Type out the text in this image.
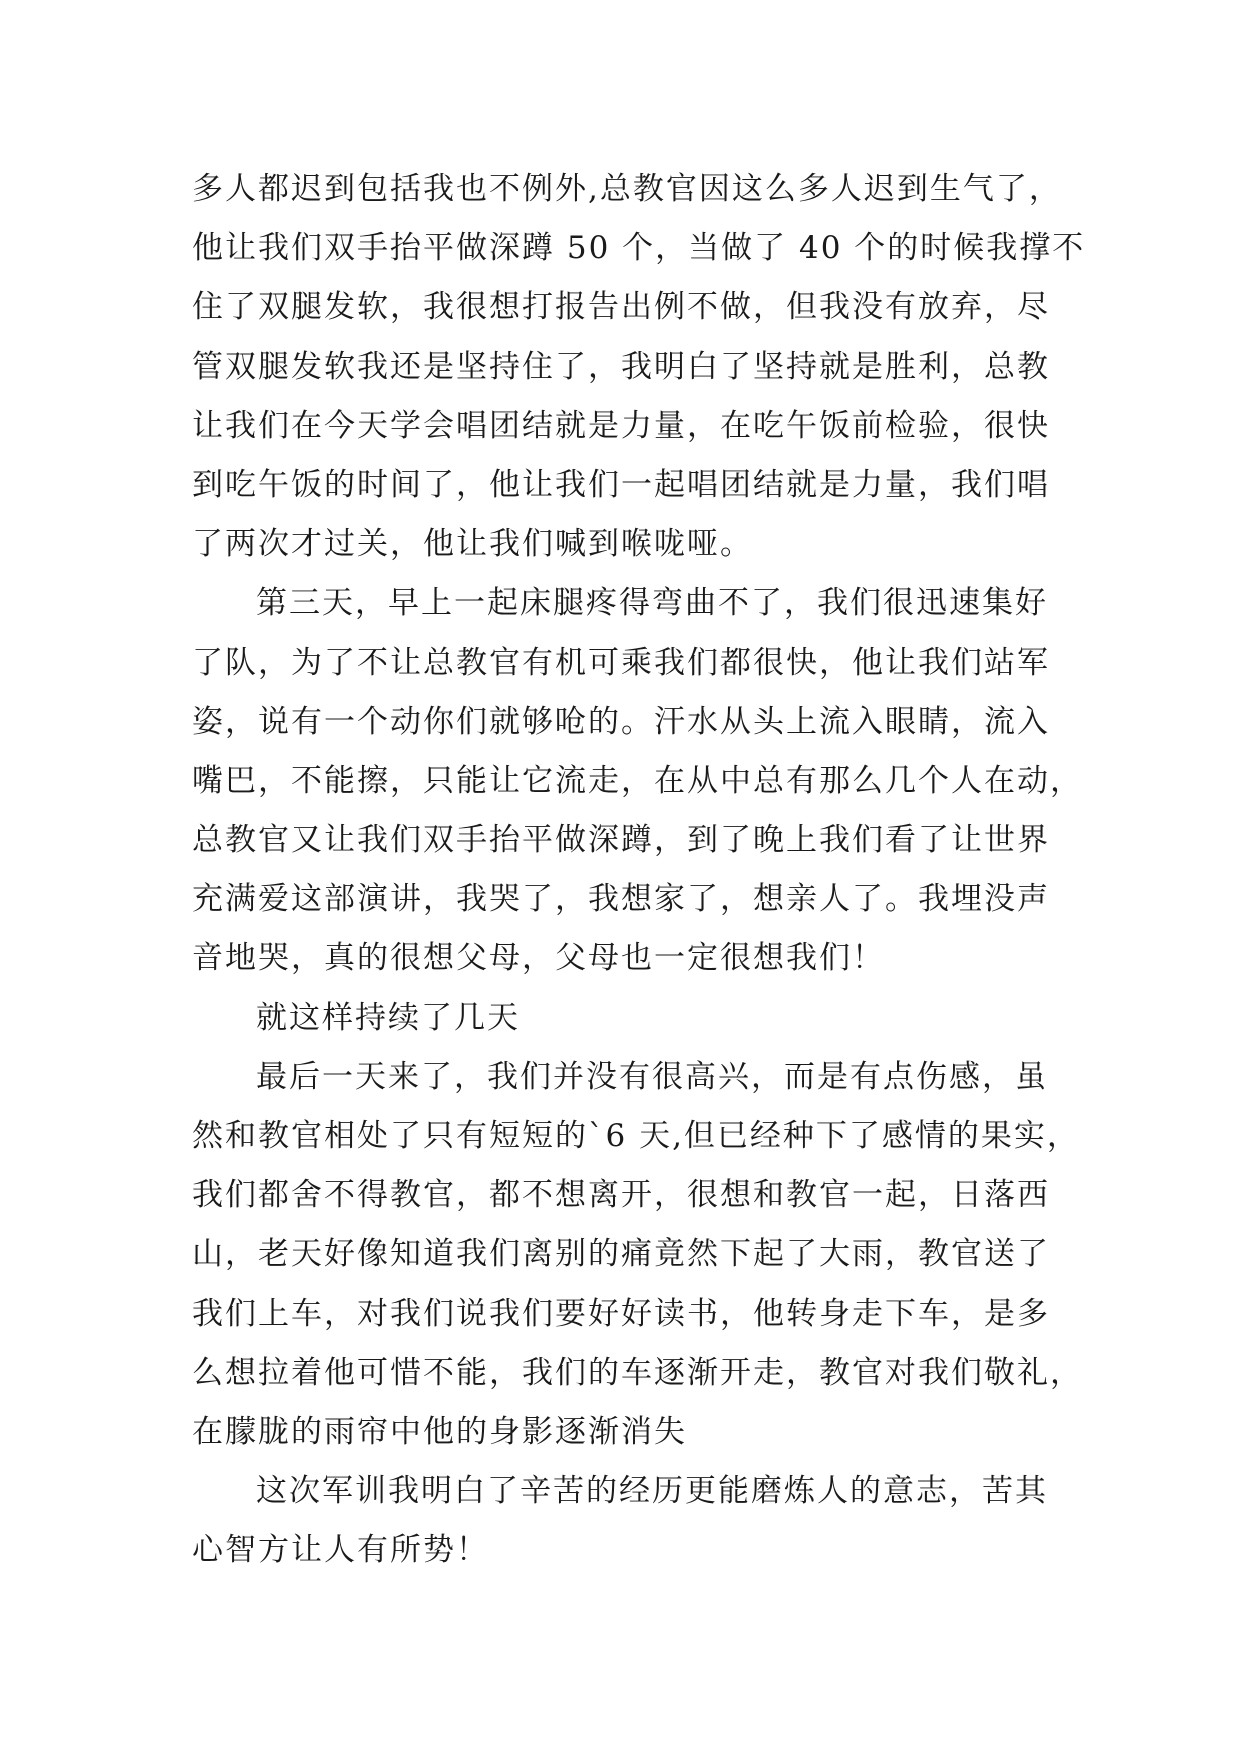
多人都迟到包括我也不例外,总教官因这么多人迟到生气了，
他让我们双手抬平做深蹲 50 个，当做了 40 个的时候我撑不
住了双腿发软，我很想打报告出例不做，但我没有放弃，尽
管双腿发软我还是坚持住了，我明白了坚持就是胜利，总教
让我们在今天学会唱团结就是力量，在吃午饭前检验，很快
到吃午饭的时间了，他让我们一起唱团结就是力量，我们唱
了两次才过关，他让我们喊到喉咙哑。
第三天，早上一起床腿疼得弯曲不了，我们很迅速集好
了队，为了不让总教官有机可乘我们都很快，他让我们站军
姿，说有一个动你们就够呛的。汗水从头上流入眼睛，流入
嘴巴，不能擦，只能让它流走，在从中总有那么几个人在动，
总教官又让我们双手抬平做深蹲，到了晚上我们看了让世界
充满爱这部演讲，我哭了，我想家了，想亲人了。我埋没声
音地哭，真的很想父母，父母也一定很想我们！
就这样持续了几天
最后一天来了，我们并没有很高兴，而是有点伤感，虽
然和教官相处了只有短短的`6 天,但已经种下了感情的果实，
我们都舍不得教官，都不想离开，很想和教官一起，日落西
山，老天好像知道我们离别的痛竟然下起了大雨，教官送了
我们上车，对我们说我们要好好读书，他转身走下车，是多
么想拉着他可惜不能，我们的车逐渐开走，教官对我们敬礼，
在朦胧的雨帘中他的身影逐渐消失
这次军训我明白了辛苦的经历更能磨炼人的意志，苦其
心智方让人有所势！
